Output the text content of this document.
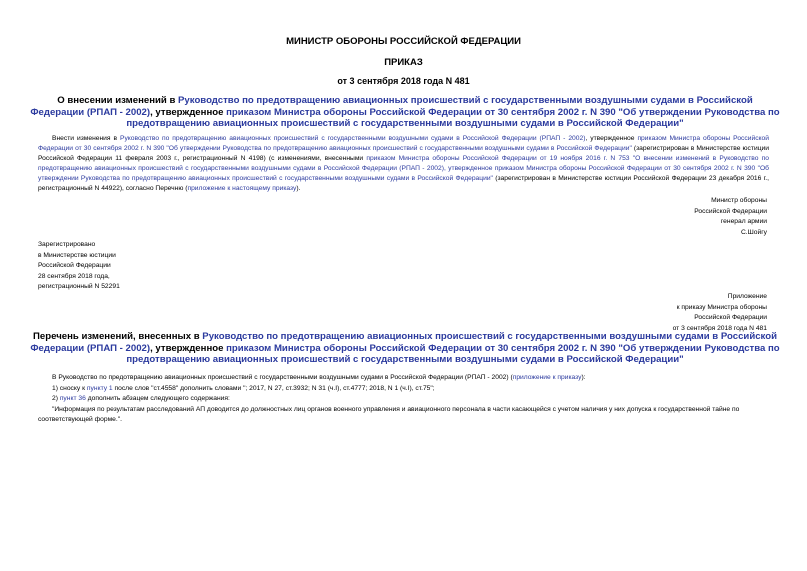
МИНИСТР ОБОРОНЫ РОССИЙСКОЙ ФЕДЕРАЦИИ
ПРИКАЗ
от 3 сентября 2018 года N 481
О внесении изменений в Руководство по предотвращению авиационных происшествий с государственными воздушными судами в Российской Федерации (РПАП - 2002), утвержденное приказом Министра обороны Российской Федерации от 30 сентября 2002 г. N 390 "Об утверждении Руководства по предотвращению авиационных происшествий с государственными воздушными судами в Российской Федерации"
Внести изменения в Руководство по предотвращению авиационных происшествий с государственными воздушными судами в Российской Федерации (РПАП - 2002), утвержденное приказом Министра обороны Российской Федерации от 30 сентября 2002 г. N 390 "Об утверждении Руководства по предотвращению авиационных происшествий с государственными воздушными судами в Российской Федерации" (зарегистрирован в Министерстве юстиции Российской Федерации 11 февраля 2003 г., регистрационный N 4198) (с изменениями, внесенными приказом Министра обороны Российской Федерации от 19 ноября 2016 г. N 753 "О внесении изменений в Руководство по предотвращению авиационных происшествий с государственными воздушными судами в Российской Федерации (РПАП - 2002), утвержденное приказом Министра обороны Российской Федерации от 30 сентября 2002 г. N 390 "Об утверждении Руководства по предотвращению авиационных происшествий с государственными воздушными судами в Российской Федерации" (зарегистрирован в Министерстве юстиции Российской Федерации 23 декабря 2016 г., регистрационный N 44922), согласно Перечню (приложение к настоящему приказу).
Министр обороны
Российской Федерации
генерал армии
С.Шойгу
Зарегистрировано
в Министерстве юстиции
Российской Федерации
28 сентября 2018 года,
регистрационный N 52291
Приложение
к приказу Министра обороны
Российской Федерации
от 3 сентября 2018 года N 481
Перечень изменений, внесенных в Руководство по предотвращению авиационных происшествий с государственными воздушными судами в Российской Федерации (РПАП - 2002), утвержденное приказом Министра обороны Российской Федерации от 30 сентября 2002 г. N 390 "Об утверждении Руководства по предотвращению авиационных происшествий с государственными воздушными судами в Российской Федерации"

В Руководство по предотвращению авиационных происшествий с государственными воздушными судами в Российской Федерации (РПАП - 2002) (приложение к приказу):

1) сноску к пункту 1 после слов "ст.4558" дополнить словами "; 2017, N 27, ст.3932; N 31 (ч.I), ст.4777; 2018, N 1 (ч.I), ст.75";

2) пункт 36 дополнить абзацем следующего содержания:

"Информация по результатам расследований АП доводится до должностных лиц органов военного управления и авиационного персонала в части касающейся с учетом наличия у них допуска к государственной тайне по соответствующей форме.".
